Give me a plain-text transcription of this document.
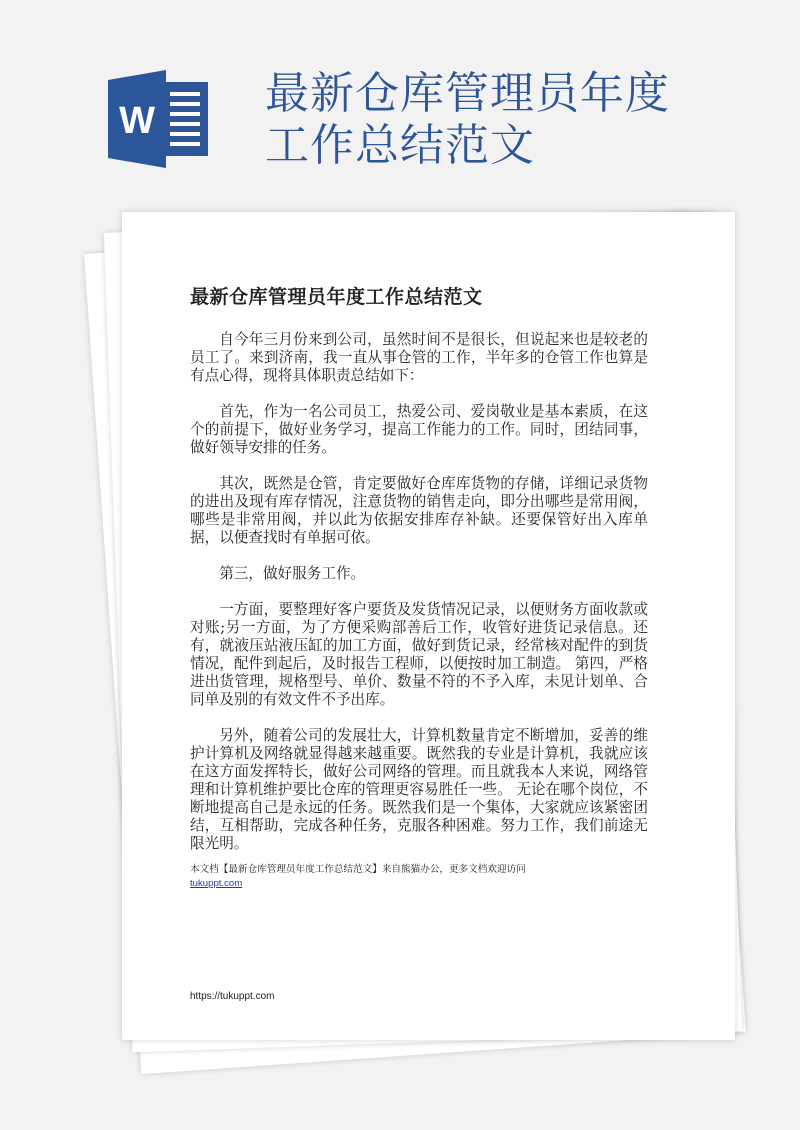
W
最新仓库管理员年度工作总结范文
最新仓库管理员年度工作总结范文

自今年三月份来到公司，虽然时间不是很长，但说起来也是较老的员工了。来到济南，我一直从事仓管的工作，半年多的仓管工作也算是有点心得，现将具体职责总结如下：

首先，作为一名公司员工，热爱公司、爱岗敬业是基本素质，在这个的前提下，做好业务学习，提高工作能力的工作。同时，团结同事，做好领导安排的任务。

其次，既然是仓管，肯定要做好仓库库货物的存储，详细记录货物的进出及现有库存情况，注意货物的销售走向，即分出哪些是常用阀，哪些是非常用阀，并以此为依据安排库存补缺。还要保管好出入库单据，以便查找时有单据可依。

第三，做好服务工作。

一方面，要整理好客户要货及发货情况记录，以便财务方面收款或对账;另一方面，为了方便采购部善后工作，收管好进货记录信息。还有，就液压站液压缸的加工方面，做好到货记录，经常核对配件的到货情况，配件到起后，及时报告工程师，以便按时加工制造。 第四，严格进出货管理，规格型号、单价、数量不符的不予入库，未见计划单、合同单及别的有效文件不予出库。

另外，随着公司的发展壮大，计算机数量肯定不断增加，妥善的维护计算机及网络就显得越来越重要。既然我的专业是计算机，我就应该在这方面发挥特长，做好公司网络的管理。而且就我本人来说，网络管理和计算机维护要比仓库的管理更容易胜任一些。 无论在哪个岗位，不断地提高自己是永远的任务。既然我们是一个集体，大家就应该紧密团结，互相帮助，完成各种任务，克服各种困难。努力工作，我们前途无限光明。

本文档【最新仓库管理员年度工作总结范文】来自熊猫办公，更多文档欢迎访问
tukuppt.com
https://tukuppt.com
